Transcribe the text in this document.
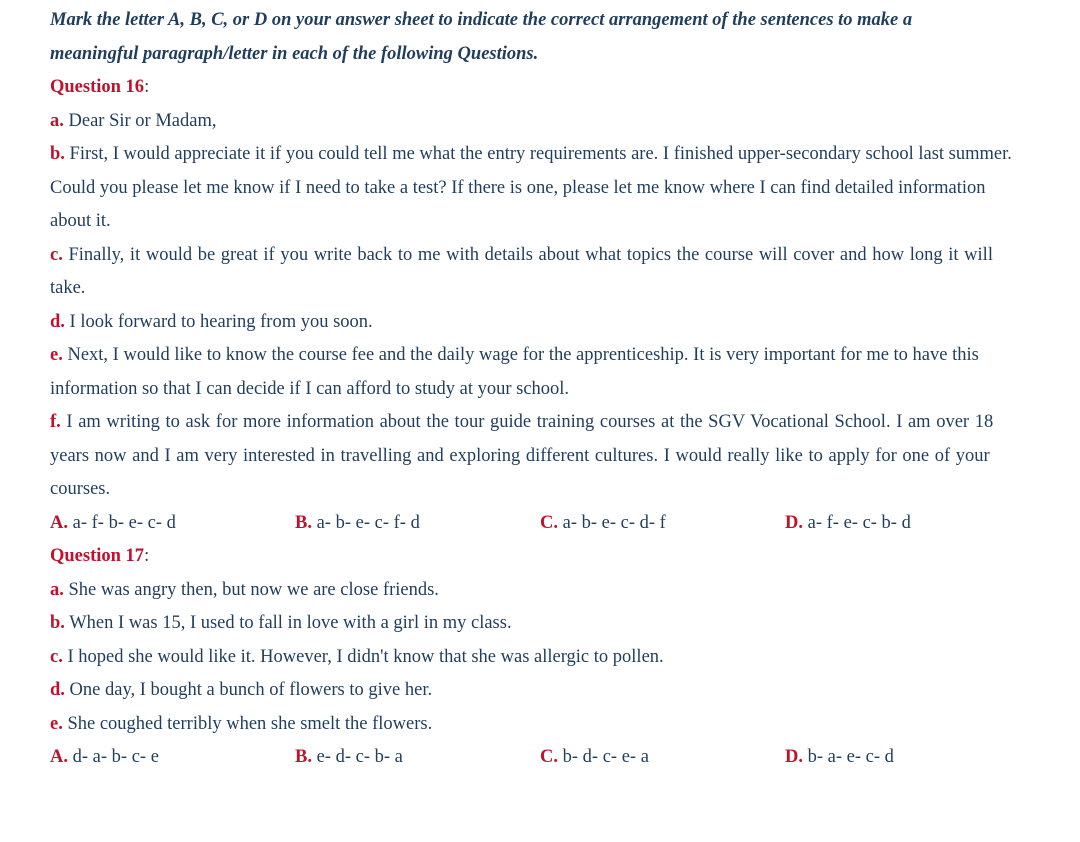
Mark the letter A, B, C, or D on your answer sheet to indicate the correct arrangement of the sentences to make a

meaningful paragraph/letter in each of the following Questions.

Question 16:

a. Dear Sir or Madam,

b. First, I would appreciate it if you could tell me what the entry requirements are. I finished upper-secondary school last summer. Could you please let me know if I need to take a test? If there is one, please let me know where I can find detailed information about it.

c. Finally, it would be great if you write back to me with details about what topics the course will cover and how long it will take.

d. I look forward to hearing from you soon.

e. Next, I would like to know the course fee and the daily wage for the apprenticeship. It is very important for me to have this information so that I can decide if I can afford to study at your school.

f. I am writing to ask for more information about the tour guide training courses at the SGV Vocational School. I am over 18 years now and I am very interested in travelling and exploring different cultures. I would really like to apply for one of your courses.

A. a- f- b- e- c- d	B. a- b- e- c- f- d	C. a- b- e- c- d- f	D. a- f- e- c- b- d

Question 17:

a. She was angry then, but now we are close friends.

b. When I was 15, I used to fall in love with a girl in my class.

c. I hoped she would like it. However, I didn't know that she was allergic to pollen.

d. One day, I bought a bunch of flowers to give her.

e. She coughed terribly when she smelt the flowers.

A. d- a- b- c- e	B. e- d- c- b- a	C. b- d- c- e- a	D. b- a- e- c- d
